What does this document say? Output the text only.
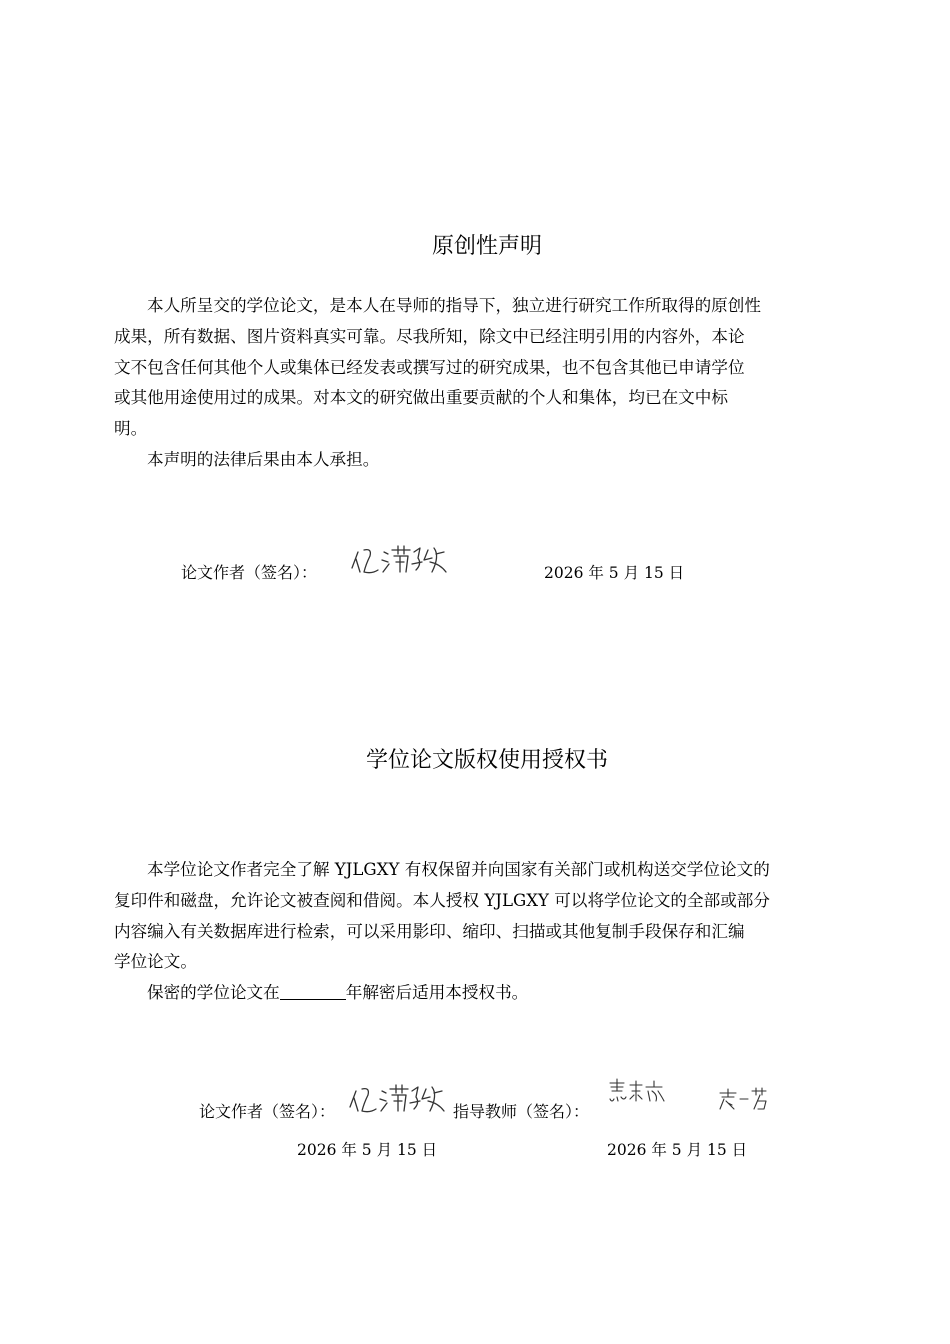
原创性声明
本人所呈交的学位论文，是本人在导师的指导下，独立进行研究工作所取得的原创性
成果，所有数据、图片资料真实可靠。尽我所知，除文中已经注明引用的内容外，本论
文不包含任何其他个人或集体已经发表或撰写过的研究成果，也不包含其他已申请学位
或其他用途使用过的成果。对本文的研究做出重要贡献的个人和集体，均已在文中标
明。
本声明的法律后果由本人承担。
论文作者（签名）：	2026 年 5 月 15 日
学位论文版权使用授权书
本学位论文作者完全了解 YJLGXY 有权保留并向国家有关部门或机构送交学位论文的
复印件和磁盘，允许论文被查阅和借阅。本人授权 YJLGXY 可以将学位论文的全部或部分
内容编入有关数据库进行检索，可以采用影印、缩印、扫描或其他复制手段保存和汇编
学位论文。
保密的学位论文在	年解密后适用本授权书。
论文作者（签名）：	指导教师（签名）：
2026 年 5 月 15 日	2026 年 5 月 15 日
